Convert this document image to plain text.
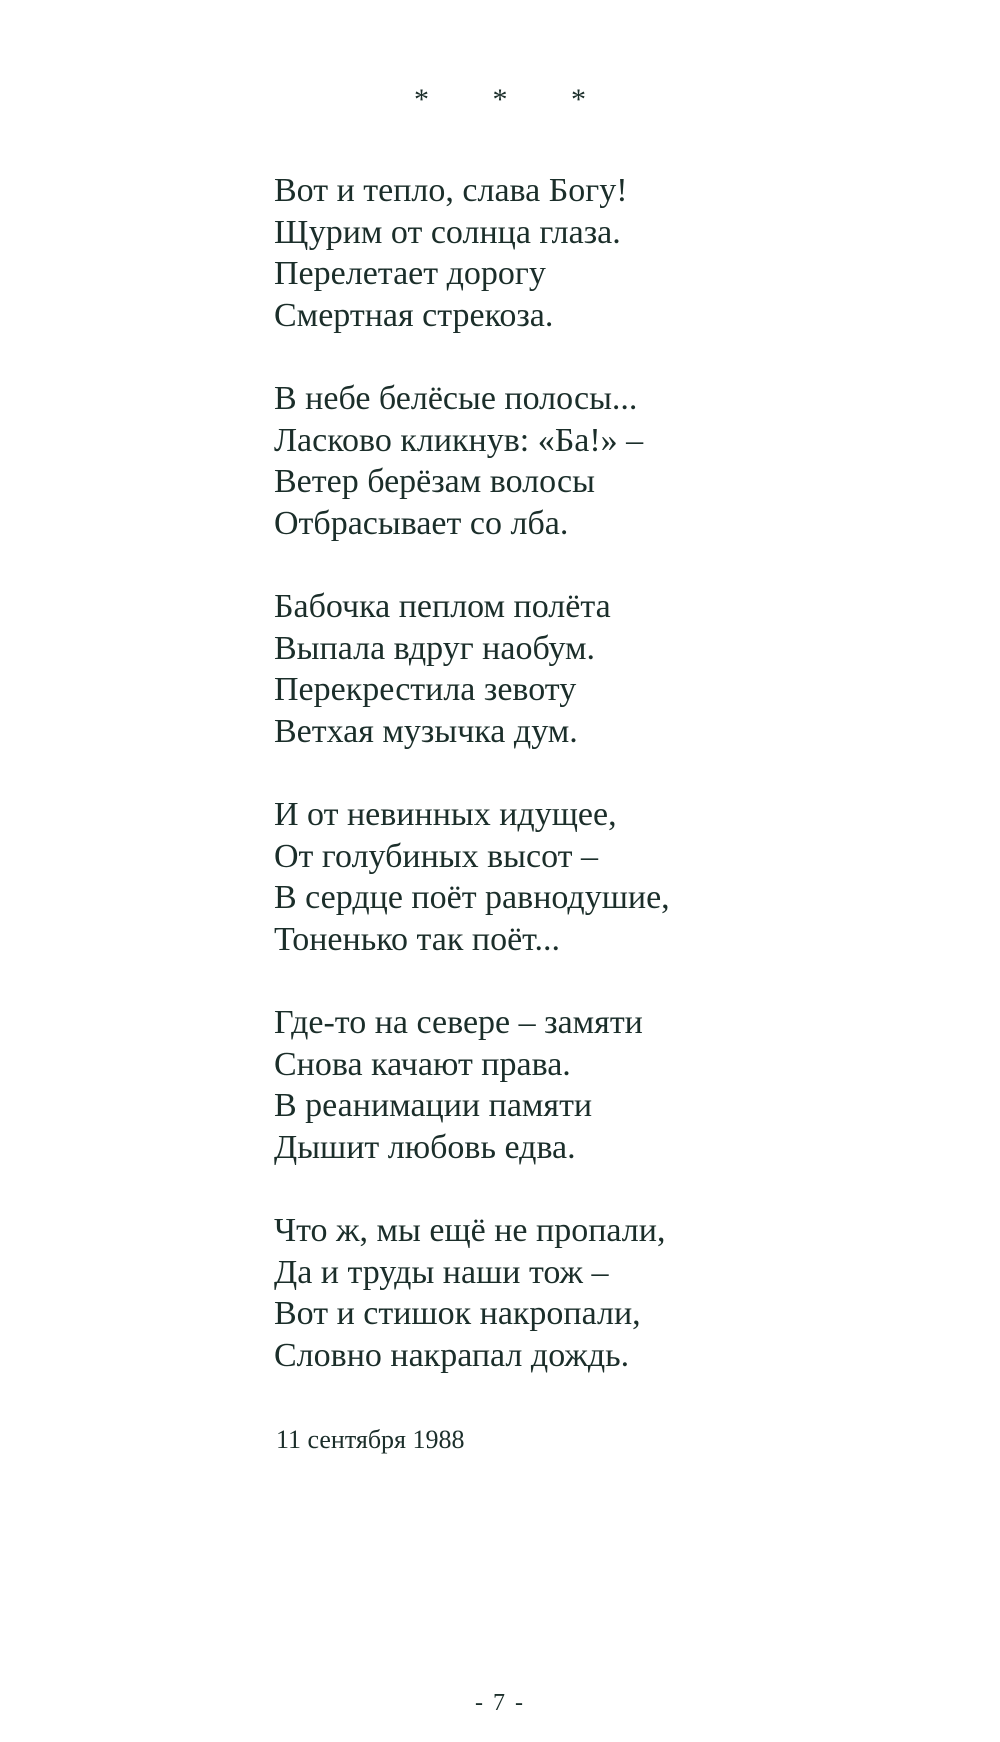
* * *
Вот и тепло, слава Богу!
Щурим от солнца глаза.
Перелетает дорогу
Смертная стрекоза.
В небе белёсые полосы...
Ласково кликнув: «Ба!» –
Ветер берёзам волосы
Отбрасывает со лба.
Бабочка пеплом полёта
Выпала вдруг наобум.
Перекрестила зевоту
Ветхая музычка дум.
И от невинных идущее,
От голубиных высот –
В сердце поёт равнодушие,
Тоненько так поёт...
Где-то на севере – замяти
Снова качают права.
В реанимации памяти
Дышит любовь едва.
Что ж, мы ещё не пропали,
Да и труды наши тож –
Вот и стишок накропали,
Словно накрапал дождь.
11 сентября 1988
- 7 -
